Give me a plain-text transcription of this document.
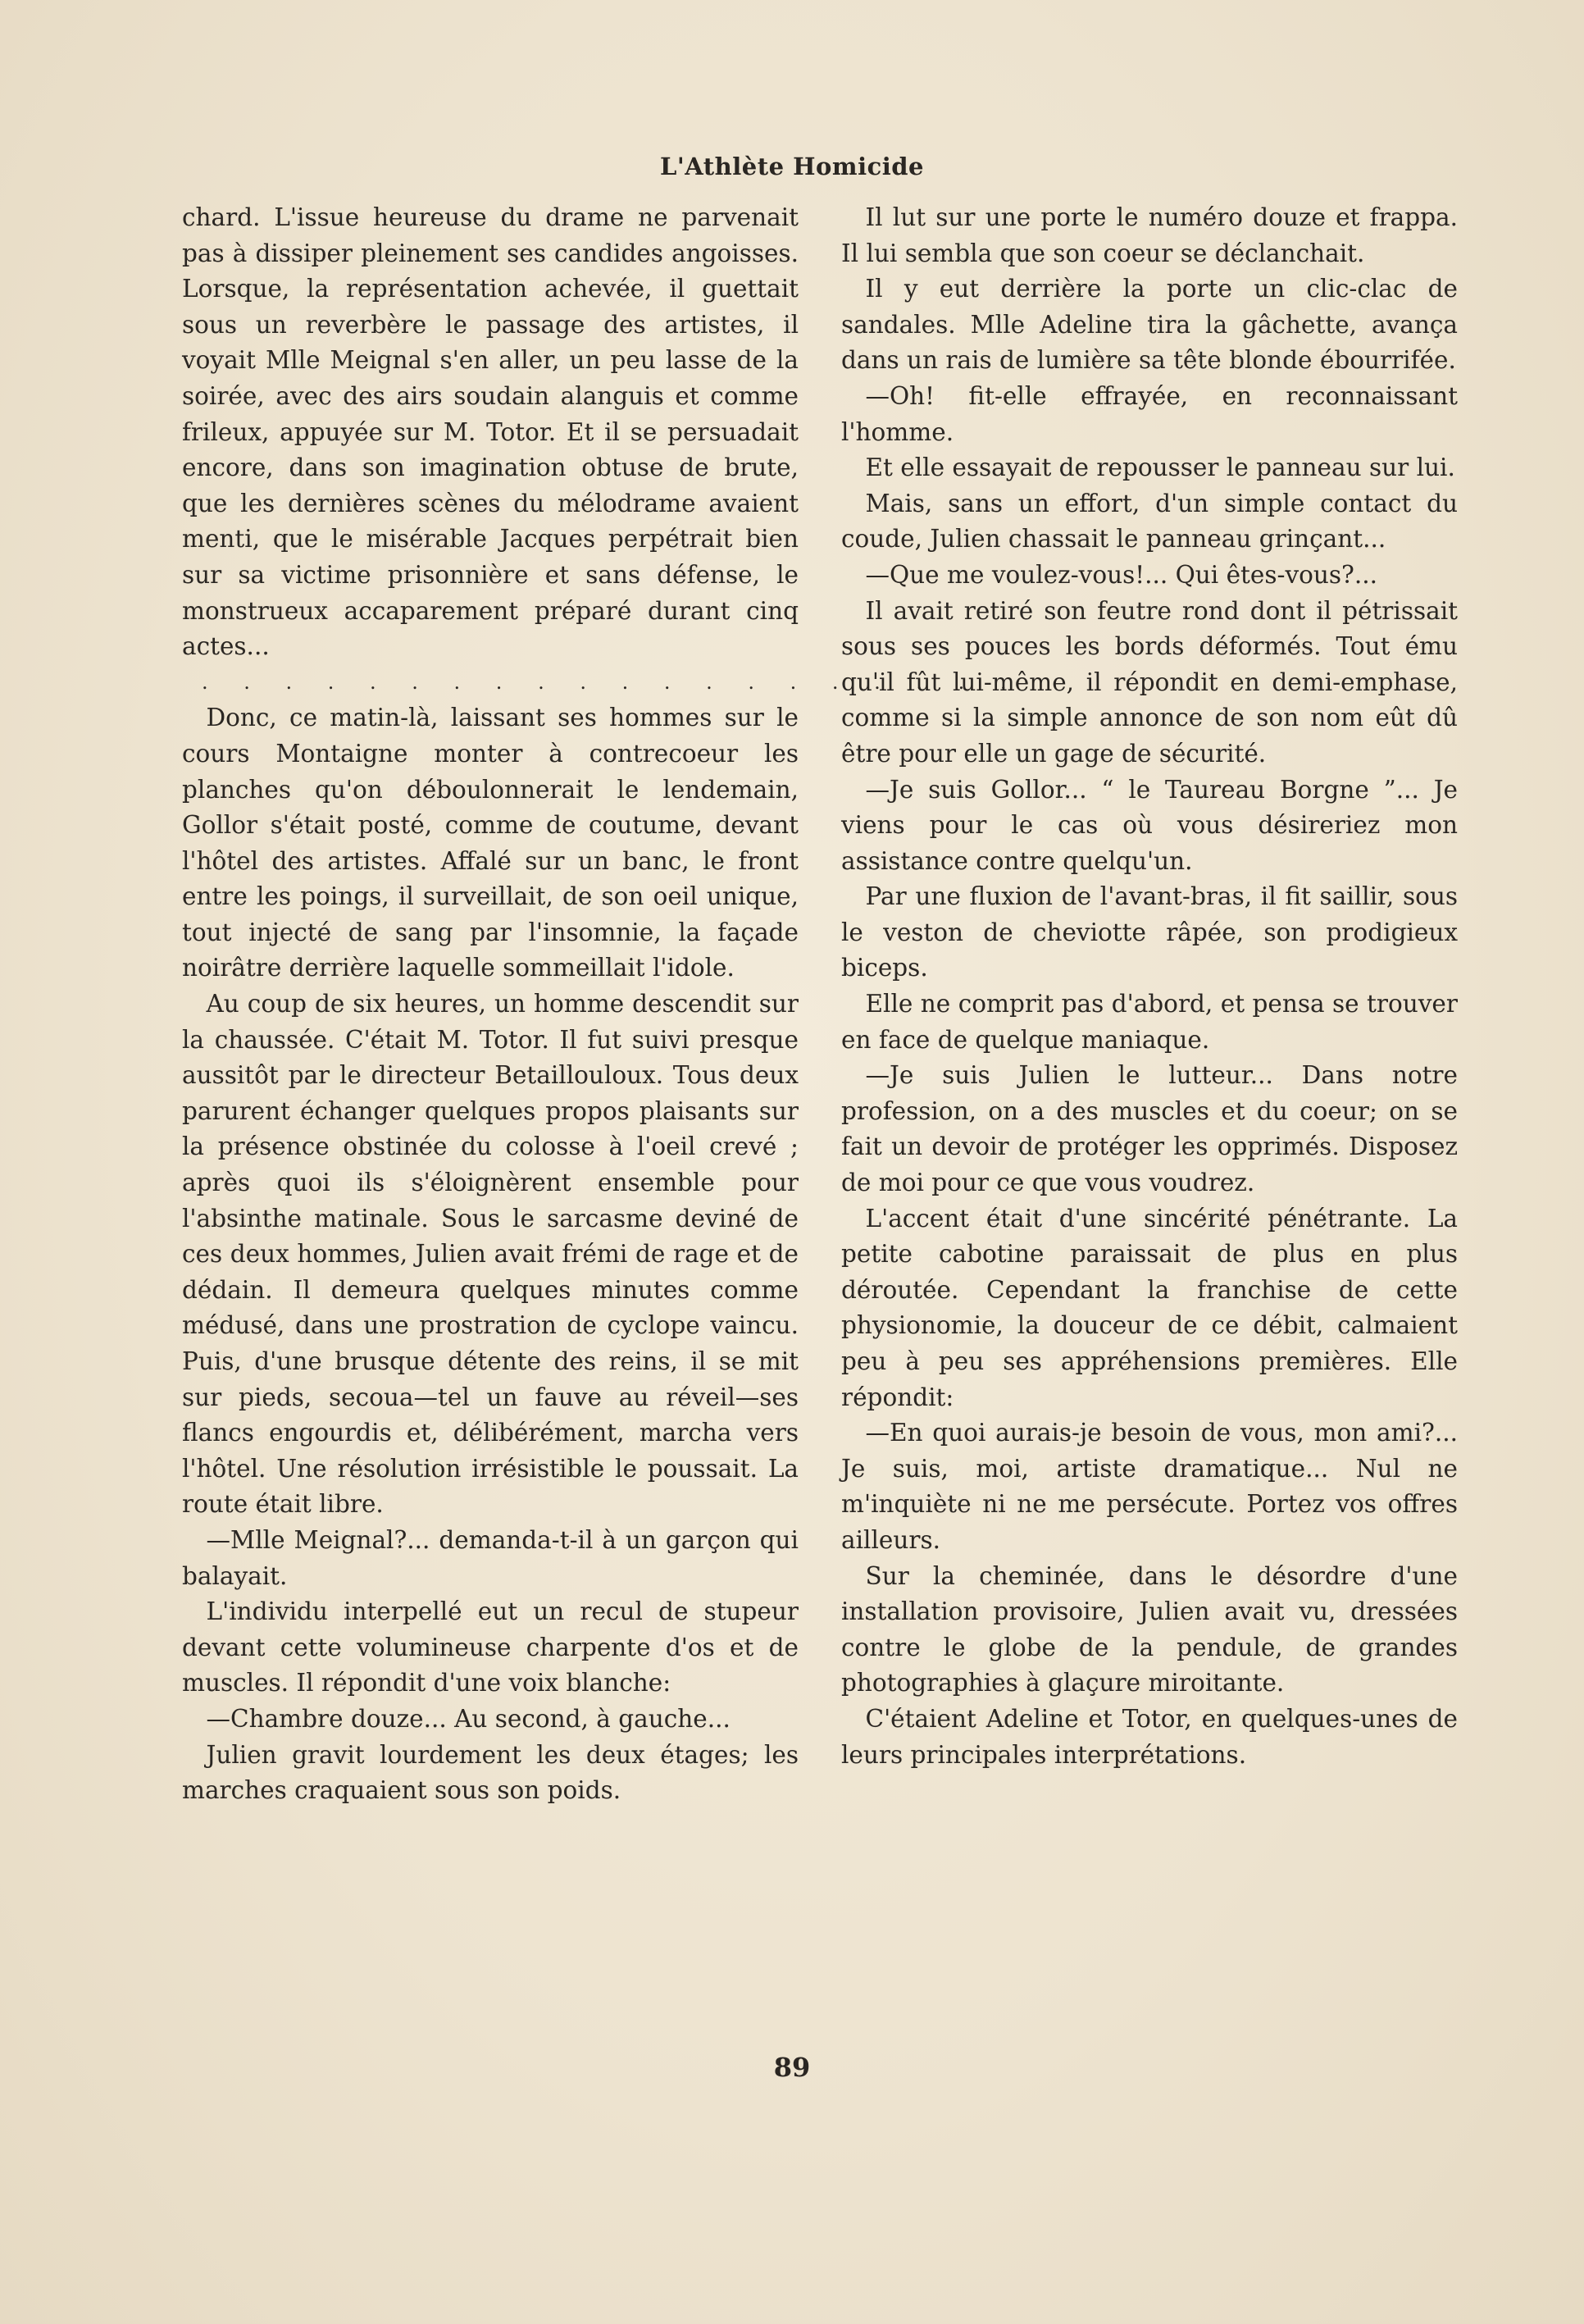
L'Athlète Homicide

chard. L'issue heureuse du drame ne parvenait pas à dissiper pleinement ses candides angoisses. Lorsque, la représentation achevée, il guettait sous un reverbère le passage des artistes, il voyait Mlle Meignal s'en aller, un peu lasse de la soirée, avec des airs soudain alanguis et comme frileux, appuyée sur M. Totor. Et il se persuadait encore, dans son imagination obtuse de brute, que les dernières scènes du mélodrame avaient menti, que le misérable Jacques perpétrait bien sur sa victime prisonnière et sans défense, le monstrueux accaparement préparé durant cinq actes...

. . . . . . . . . . . . . . . . . . . .

Donc, ce matin-là, laissant ses hommes sur le cours Montaigne monter à contrecoeur les planches qu'on déboulonnerait le lendemain, Gollor s'était posté, comme de coutume, devant l'hôtel des artistes. Affalé sur un banc, le front entre les poings, il surveillait, de son oeil unique, tout injecté de sang par l'insomnie, la façade noirâtre derrière laquelle sommeillait l'idole.

Au coup de six heures, un homme descendit sur la chaussée. C'était M. Totor. Il fut suivi presque aussitôt par le directeur Betaillouloux. Tous deux parurent échanger quelques propos plaisants sur la présence obstinée du colosse à l'oeil crevé ; après quoi ils s'éloignèrent ensemble pour l'absinthe matinale. Sous le sarcasme deviné de ces deux hommes, Julien avait frémi de rage et de dédain. Il demeura quelques minutes comme médusé, dans une prostration de cyclope vaincu. Puis, d'une brusque détente des reins, il se mit sur pieds, secoua—tel un fauve au réveil—ses flancs engourdis et, délibérément, marcha vers l'hôtel. Une résolution irrésistible le poussait. La route était libre.

—Mlle Meignal?... demanda-t-il à un garçon qui balayait.

L'individu interpellé eut un recul de stupeur devant cette volumineuse charpente d'os et de muscles. Il répondit d'une voix blanche:

—Chambre douze... Au second, à gauche...

Julien gravit lourdement les deux étages; les marches craquaient sous son poids.

Il lut sur une porte le numéro douze et frappa. Il lui sembla que son coeur se déclanchait.

Il y eut derrière la porte un clic-clac de sandales. Mlle Adeline tira la gâchette, avança dans un rais de lumière sa tête blonde ébourrifée.

—Oh! fit-elle effrayée, en reconnaissant l'homme.

Et elle essayait de repousser le panneau sur lui.

Mais, sans un effort, d'un simple contact du coude, Julien chassait le panneau grinçant...

—Que me voulez-vous!... Qui êtes-vous?...

Il avait retiré son feutre rond dont il pétrissait sous ses pouces les bords déformés. Tout ému qu'il fût lui-même, il répondit en demi-emphase, comme si la simple annonce de son nom eût dû être pour elle un gage de sécurité.

—Je suis Gollor... “ le Taureau Borgne ”... Je viens pour le cas où vous désireriez mon assistance contre quelqu'un.

Par une fluxion de l'avant-bras, il fit saillir, sous le veston de cheviotte râpée, son prodigieux biceps.

Elle ne comprit pas d'abord, et pensa se trouver en face de quelque maniaque.

—Je suis Julien le lutteur... Dans notre profession, on a des muscles et du coeur; on se fait un devoir de protéger les opprimés. Disposez de moi pour ce que vous voudrez.

L'accent était d'une sincérité pénétrante. La petite cabotine paraissait de plus en plus déroutée. Cependant la franchise de cette physionomie, la douceur de ce débit, calmaient peu à peu ses appréhensions premières. Elle répondit:

—En quoi aurais-je besoin de vous, mon ami?... Je suis, moi, artiste dramatique... Nul ne m'inquiète ni ne me persécute. Portez vos offres ailleurs.

Sur la cheminée, dans le désordre d'une installation provisoire, Julien avait vu, dressées contre le globe de la pendule, de grandes photographies à glaçure miroitante.

C'étaient Adeline et Totor, en quelques-unes de leurs principales interprétations.

89
